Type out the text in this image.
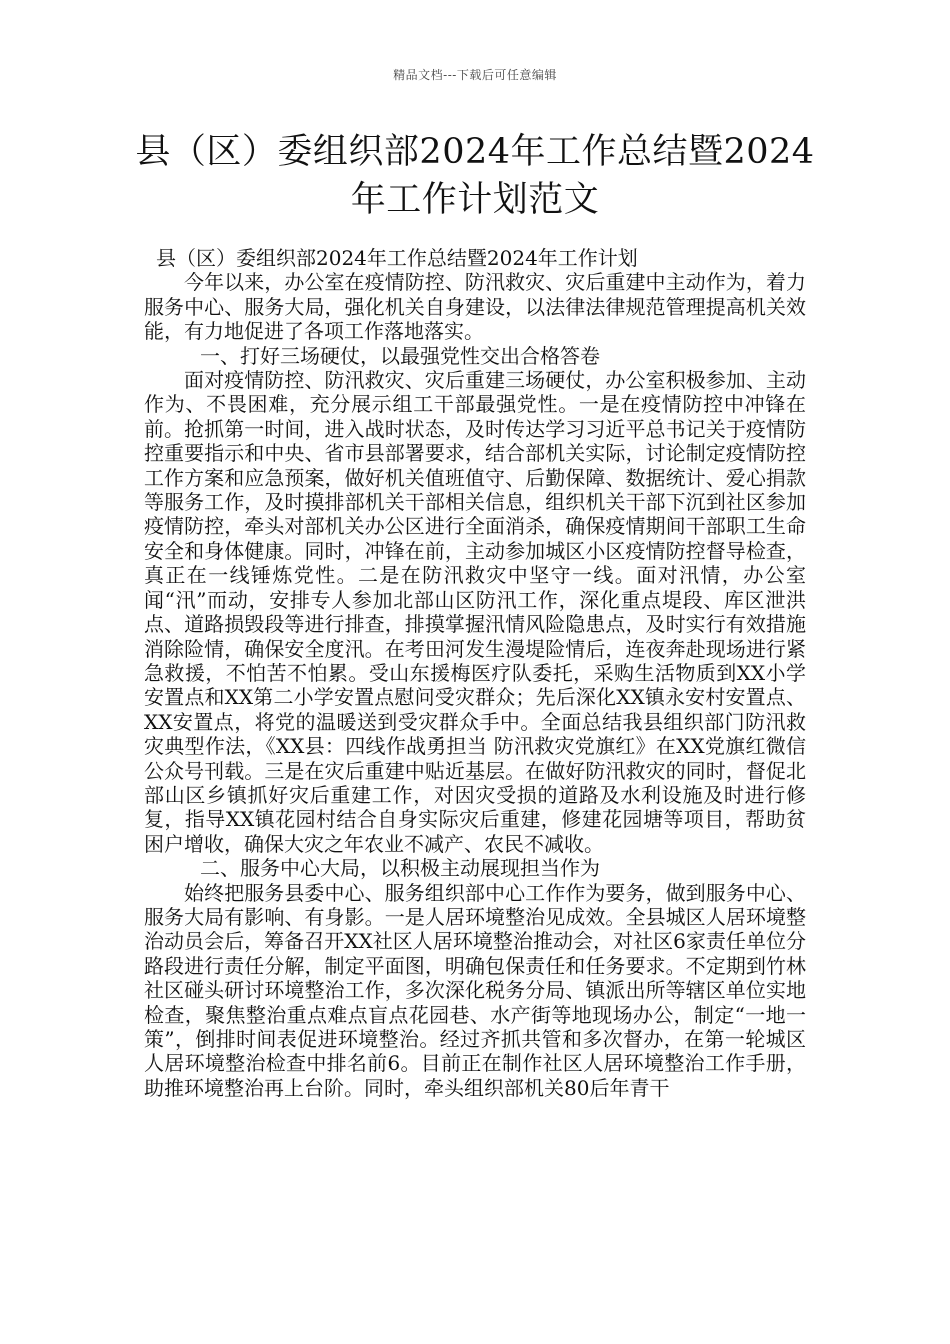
精品文档---下载后可任意编辑
县（区）委组织部2024年工作总结暨2024
年工作计划范文

县（区）委组织部2024年工作总结暨2024年工作计划

今年以来，办公室在疫情防控、防汛救灾、灾后重建中主动作为，着力服务中心、服务大局，强化机关自身建设，以法律法律规范管理提高机关效能，有力地促进了各项工作落地落实。

一、打好三场硬仗，以最强党性交出合格答卷

面对疫情防控、防汛救灾、灾后重建三场硬仗，办公室积极参加、主动作为、不畏困难，充分展示组工干部最强党性。一是在疫情防控中冲锋在前。抢抓第一时间，进入战时状态，及时传达学习习近平总书记关于疫情防控重要指示和中央、省市县部署要求，结合部机关实际，讨论制定疫情防控工作方案和应急预案，做好机关值班值守、后勤保障、数据统计、爱心捐款等服务工作，及时摸排部机关干部相关信息，组织机关干部下沉到社区参加疫情防控，牵头对部机关办公区进行全面消杀，确保疫情期间干部职工生命安全和身体健康。同时，冲锋在前，主动参加城区小区疫情防控督导检查，真正在一线锤炼党性。二是在防汛救灾中坚守一线。面对汛情，办公室闻“汛”而动，安排专人参加北部山区防汛工作，深化重点堤段、库区泄洪点、道路损毁段等进行排查，排摸掌握汛情风险隐患点，及时实行有效措施消除险情，确保安全度汛。在考田河发生漫堤险情后，连夜奔赴现场进行紧急救援，不怕苦不怕累。受山东援梅医疗队委托，采购生活物质到XX小学安置点和XX第二小学安置点慰问受灾群众；先后深化XX镇永安村安置点、XX安置点，将党的温暖送到受灾群众手中。全面总结我县组织部门防汛救灾典型作法，《XX县：四线作战勇担当 防汛救灾党旗红》在XX党旗红微信公众号刊载。三是在灾后重建中贴近基层。在做好防汛救灾的同时，督促北部山区乡镇抓好灾后重建工作，对因灾受损的道路及水利设施及时进行修复，指导XX镇花园村结合自身实际灾后重建，修建花园塘等项目，帮助贫困户增收，确保大灾之年农业不减产、农民不减收。

二、服务中心大局，以积极主动展现担当作为

始终把服务县委中心、服务组织部中心工作作为要务，做到服务中心、服务大局有影响、有身影。一是人居环境整治见成效。全县城区人居环境整治动员会后，筹备召开XX社区人居环境整治推动会，对社区6家责任单位分路段进行责任分解，制定平面图，明确包保责任和任务要求。不定期到竹林社区碰头研讨环境整治工作，多次深化税务分局、镇派出所等辖区单位实地检查，聚焦整治重点难点盲点花园巷、水产街等地现场办公，制定“一地一策”，倒排时间表促进环境整治。经过齐抓共管和多次督办，在第一轮城区人居环境整治检查中排名前6。目前正在制作社区人居环境整治工作手册，助推环境整治再上台阶。同时，牵头组织部机关80后年青干
